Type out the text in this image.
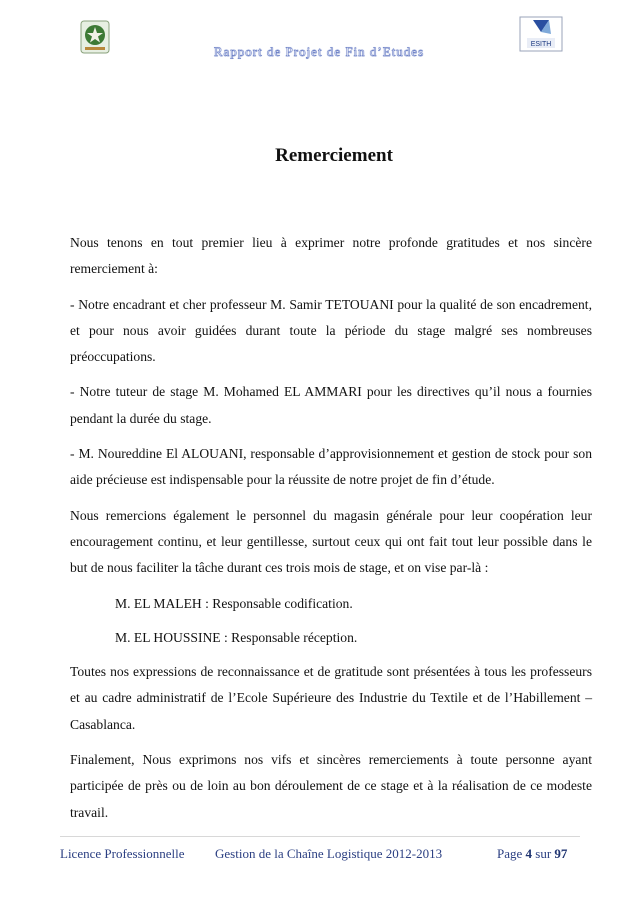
ESITH
Rapport de Projet de Fin d’Etudes
Remerciement

Nous tenons en tout premier lieu à exprimer notre profonde gratitudes et nos sincère remerciement à:

- Notre encadrant et cher professeur M. Samir TETOUANI pour la qualité de son encadrement, et pour nous avoir guidées durant toute la période du stage malgré ses nombreuses préoccupations.

- Notre tuteur de stage M. Mohamed EL AMMARI pour les directives qu’il nous a fournies pendant la durée du stage.

- M. Noureddine El ALOUANI, responsable d’approvisionnement et gestion de stock pour son aide précieuse est indispensable pour la réussite de notre projet de fin d’étude.

Nous remercions également le personnel du magasin générale pour leur coopération leur encouragement continu, et leur gentillesse, surtout ceux qui ont fait tout leur possible dans le but de nous faciliter la tâche durant ces trois mois de stage, et on vise par-là :

M. EL MALEH : Responsable codification.

M. EL HOUSSINE : Responsable réception.

Toutes nos expressions de reconnaissance et de gratitude sont présentées à tous les professeurs et au cadre administratif de l’Ecole Supérieure des Industrie du Textile et de l’Habillement – Casablanca.

Finalement, Nous exprimons nos vifs et sincères remerciements à toute personne ayant participée de près ou de loin au bon déroulement de ce stage et à la réalisation de ce modeste travail.

Licence Professionnelle Gestion de la Chaîne Logistique 2012-2013	Page 4 sur 97
